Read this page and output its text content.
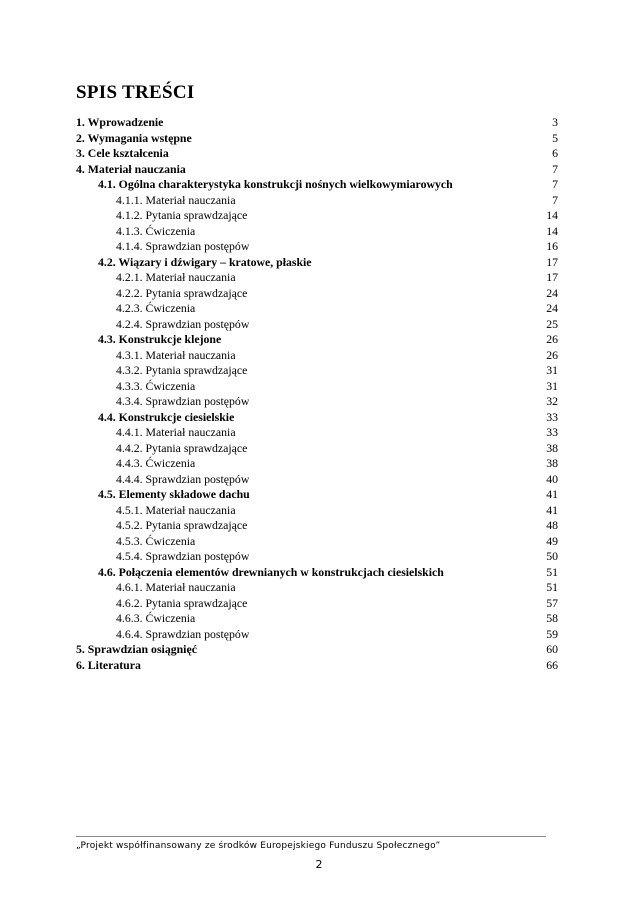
SPIS TREŚCI
1. Wprowadzenie	3
2. Wymagania wstępne	5
3. Cele kształcenia	6
4. Materiał nauczania	7
4.1. Ogólna charakterystyka konstrukcji nośnych wielkowymiarowych	7
4.1.1. Materiał nauczania	7
4.1.2. Pytania sprawdzające	14
4.1.3. Ćwiczenia	14
4.1.4. Sprawdzian postępów	16
4.2. Wiązary i dźwigary – kratowe, płaskie	17
4.2.1. Materiał nauczania	17
4.2.2. Pytania sprawdzające	24
4.2.3. Ćwiczenia	24
4.2.4. Sprawdzian postępów	25
4.3. Konstrukcje klejone	26
4.3.1. Materiał nauczania	26
4.3.2. Pytania sprawdzające	31
4.3.3. Ćwiczenia	31
4.3.4. Sprawdzian postępów	32
4.4. Konstrukcje ciesielskie	33
4.4.1. Materiał nauczania	33
4.4.2. Pytania sprawdzające	38
4.4.3. Ćwiczenia	38
4.4.4. Sprawdzian postępów	40
4.5. Elementy składowe dachu	41
4.5.1. Materiał nauczania	41
4.5.2. Pytania sprawdzające	48
4.5.3. Ćwiczenia	49
4.5.4. Sprawdzian postępów	50
4.6. Połączenia elementów drewnianych w konstrukcjach ciesielskich	51
4.6.1. Materiał nauczania	51
4.6.2. Pytania sprawdzające	57
4.6.3. Ćwiczenia	58
4.6.4. Sprawdzian postępów	59
5. Sprawdzian osiągnięć	60
6. Literatura	66
„Projekt współfinansowany ze środków Europejskiego Funduszu Społecznego”
2
